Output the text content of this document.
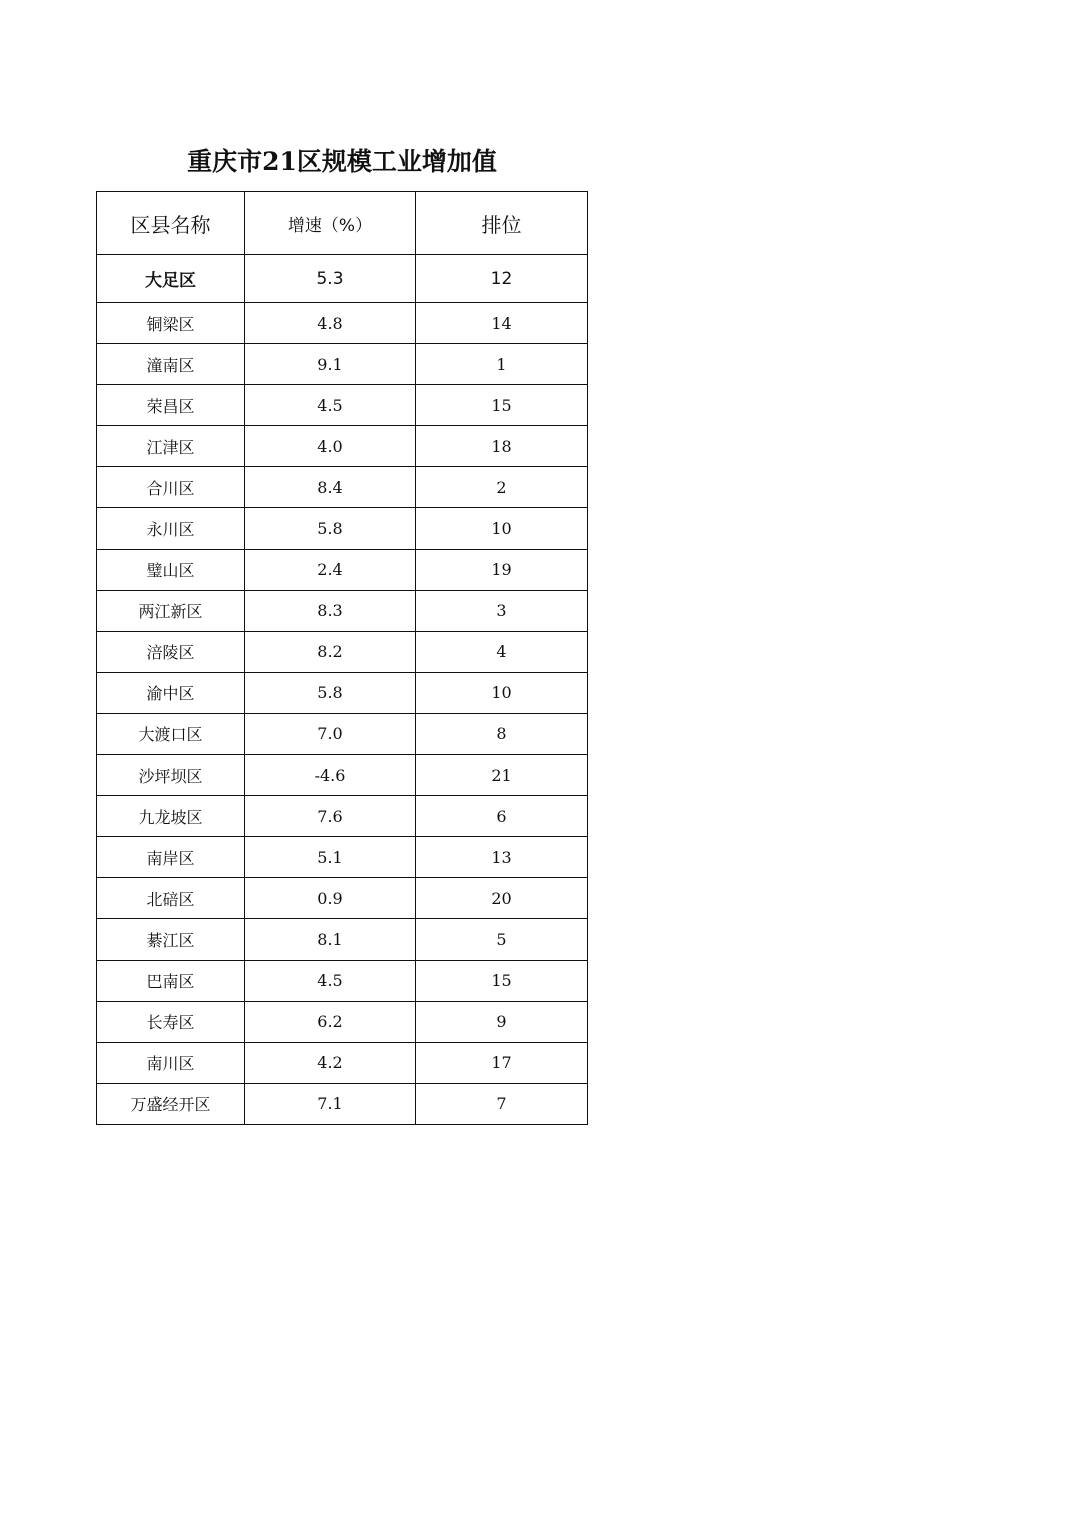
重庆市21区规模工业增加值
区县名称	增速（%）	排位
大足区	5.3	12
铜梁区	4.8	14
潼南区	9.1	1
荣昌区	4.5	15
江津区	4.0	18
合川区	8.4	2
永川区	5.8	10
璧山区	2.4	19
两江新区	8.3	3
涪陵区	8.2	4
渝中区	5.8	10
大渡口区	7.0	8
沙坪坝区	-4.6	21
九龙坡区	7.6	6
南岸区	5.1	13
北碚区	0.9	20
綦江区	8.1	5
巴南区	4.5	15
长寿区	6.2	9
南川区	4.2	17
万盛经开区	7.1	7
